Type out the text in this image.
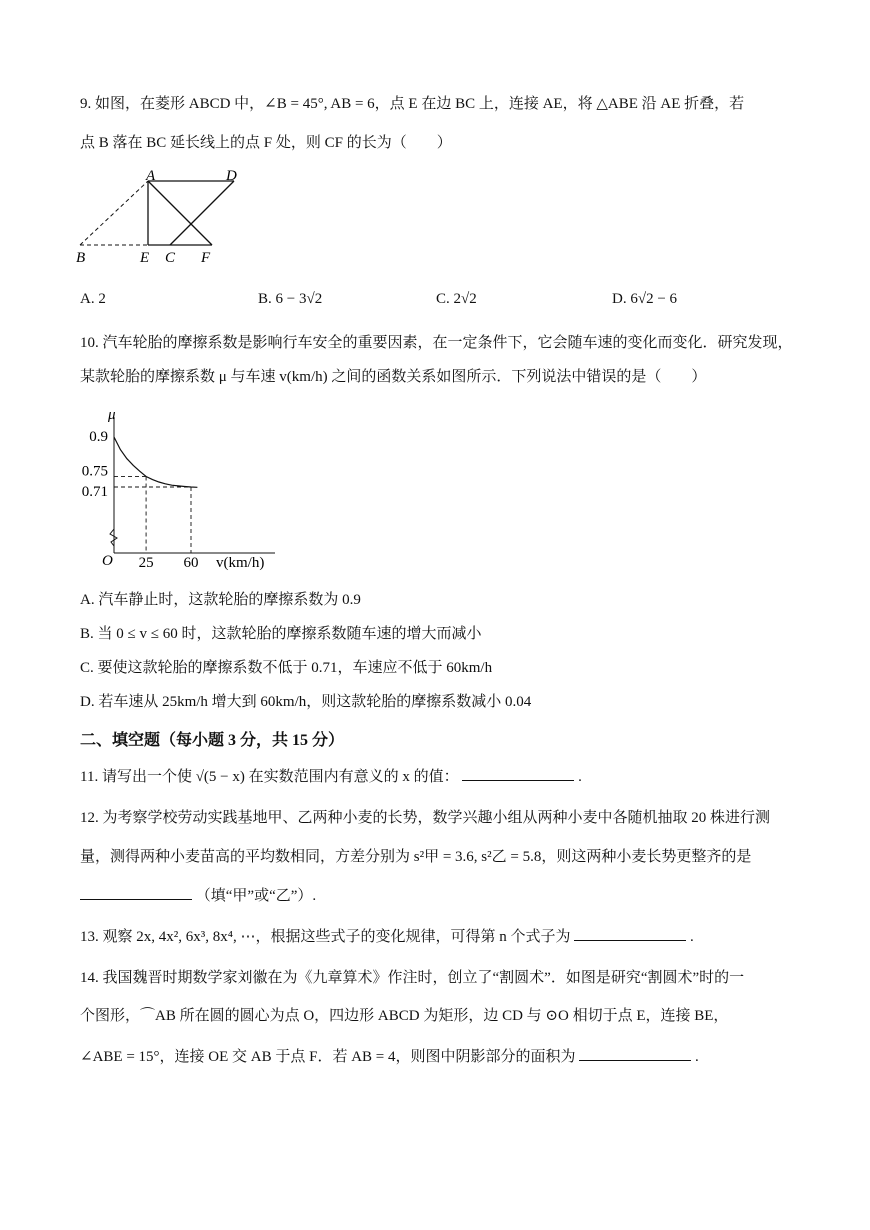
9. 如图，在菱形 ABCD 中，∠B = 45°, AB = 6，点 E 在边 BC 上，连接 AE，将 △ABE 沿 AE 折叠，若
点 B 落在 BC 延长线上的点 F 处，则 CF 的长为（　　）
A	D
B	E C F
A. 2	B. 6 − 3√2	C. 2√2	D. 6√2 − 6
10. 汽车轮胎的摩擦系数是影响行车安全的重要因素，在一定条件下，它会随车速的变化而变化．研究发现，
某款轮胎的摩擦系数 μ 与车速 v(km/h) 之间的函数关系如图所示．下列说法中错误的是（　　）
0.9
0.75
0.71
25 60
O
μ
v(km/h)
A. 汽车静止时，这款轮胎的摩擦系数为 0.9
B. 当 0 ≤ v ≤ 60 时，这款轮胎的摩擦系数随车速的增大而减小
C. 要使这款轮胎的摩擦系数不低于 0.71，车速应不低于 60km/h
D. 若车速从 25km/h 增大到 60km/h，则这款轮胎的摩擦系数减小 0.04
二、填空题（每小题 3 分，共 15 分）
11. 请写出一个使 √(5 − x) 在实数范围内有意义的 x 的值：	.
12. 为考察学校劳动实践基地甲、乙两种小麦的长势，数学兴趣小组从两种小麦中各随机抽取 20 株进行测
量，测得两种小麦苗高的平均数相同，方差分别为 s²甲 = 3.6, s²乙 = 5.8，则这两种小麦长势更整齐的是
（填“甲”或“乙”）.
13. 观察 2x, 4x², 6x³, 8x⁴, ⋯，根据这些式子的变化规律，可得第 n 个式子为	.
14. 我国魏晋时期数学家刘徽在为《九章算术》作注时，创立了“割圆术”．如图是研究“割圆术”时的一
个图形，⌒AB 所在圆的圆心为点 O，四边形 ABCD 为矩形，边 CD 与 ⊙O 相切于点 E，连接 BE，
∠ABE = 15°，连接 OE 交 AB 于点 F．若 AB = 4，则图中阴影部分的面积为	.
